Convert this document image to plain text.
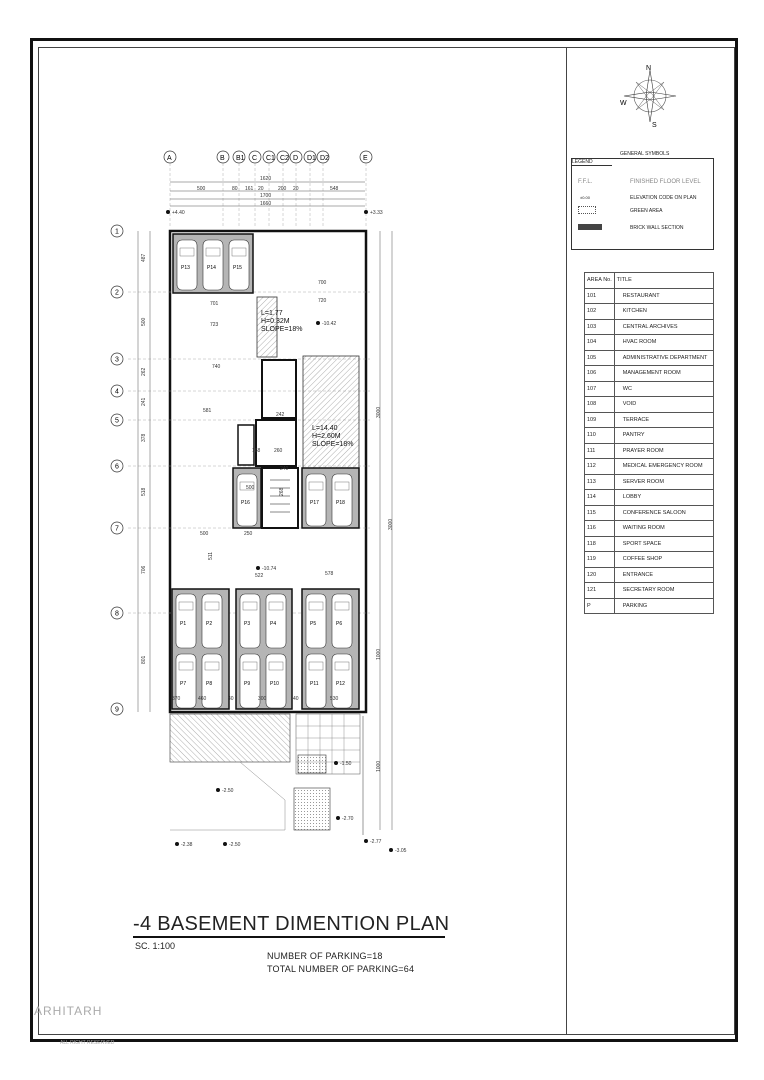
A	B B1 C C1 C2 D D1 D2	E
1
2
3
4
5
6
7
8
9
1620
1700
1660
500	80 161 20	200 20	548
P13	P14	P15
P16	P17	P18
P1	P2	P3	P4	P5	P6
P7	P8	P9	P10	P11	P12
487
500
262
241
378
518
706
801	1000
1000
3000
3000
700
701	720
723
740
581
242
260
240
250
500
511
522	578
500	268
168
370	460	40	300	40	530
L=1.77
H=0.32M
SLOPE=18%
L=14.40
H=2.60M
SLOPE=18%
+4.40	+3.33
-10.42
-10.74
-2.50
-1.50
-2.70
-2.77
-3.05
-2.38	-2.50
N
W
S
-4 BASEMENT DIMENTION PLAN
SC. 1:100
NUMBER OF PARKING=18
TOTAL NUMBER OF PARKING=64
GENERAL SYMBOLS
LEGEND
F.F.L.	FINISHED FLOOR LEVEL
±0.00	ELEVATION CODE ON PLAN
GREEN AREA
BRICK WALL SECTION
AREA No.	TITLE
101	RESTAURANT
102	KITCHEN
103	CENTRAL ARCHIVES
104	HVAC ROOM
105	ADMINISTRATIVE DEPARTMENT
106	MANAGEMENT ROOM
107	WC
108	VOID
109	TERRACE
110	PANTRY
111	PRAYER ROOM
112	MEDICAL EMERGENCY ROOM
113	SERVER ROOM
114	LOBBY
115	CONFERENCE SALOON
116	WAITING ROOM
118	SPORT SPACE
119	COFFEE SHOP
120	ENTRANCE
121	SECRETARY ROOM
P	PARKING
ARHITARH
ALL RIGHT RESERVED
